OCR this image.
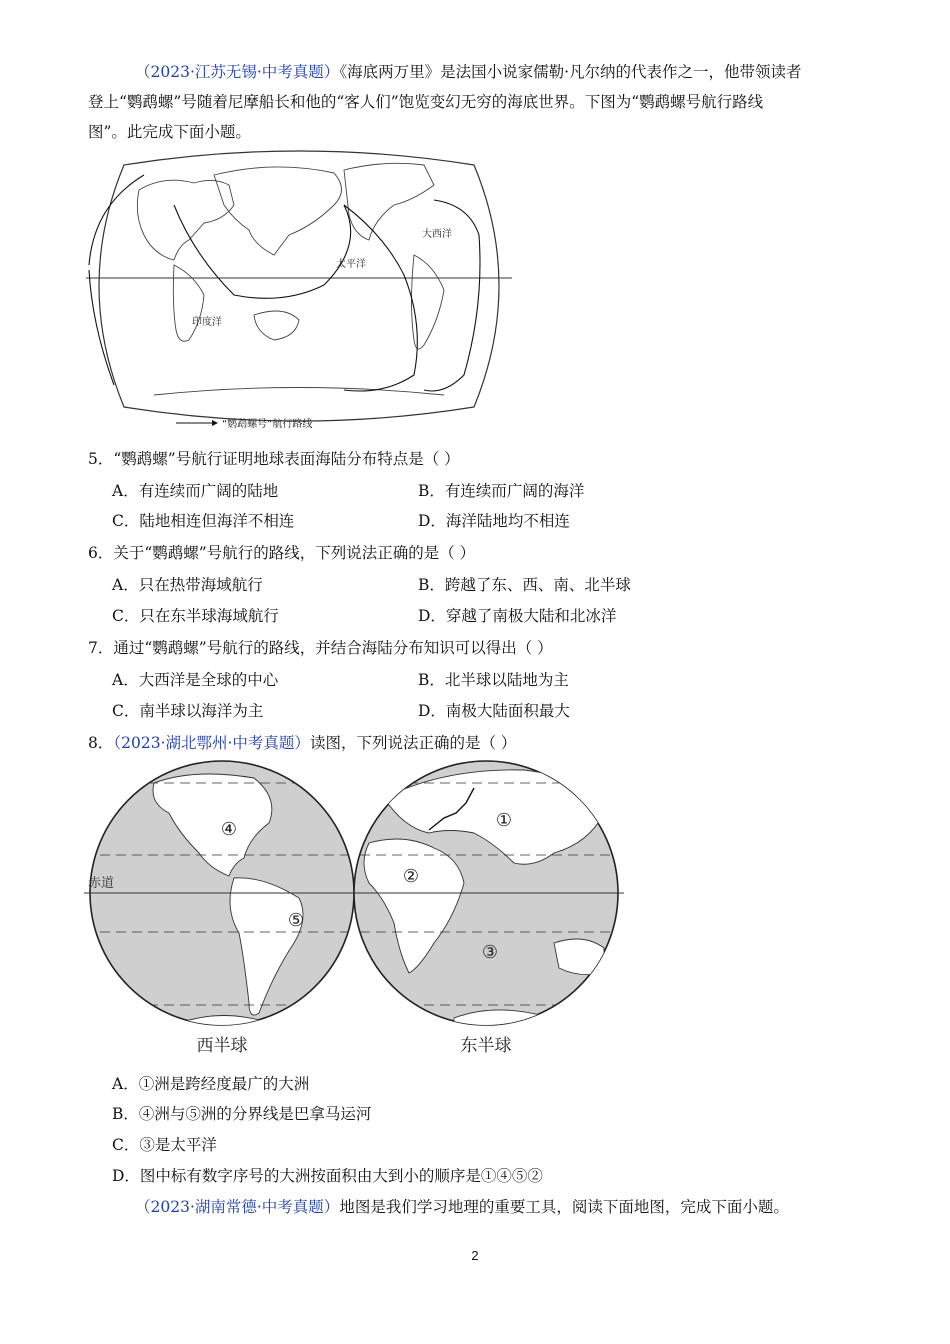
（2023·江苏无锡·中考真题）《海底两万里》是法国小说家儒勒·凡尔纳的代表作之一，他带领读者
登上“鹦鹉螺”号随着尼摩船长和他的“客人们”饱览变幻无穷的海底世界。下图为“鹦鹉螺号航行路线
图”。此完成下面小题。
大西洋
太平洋
印度洋
“鹦鹉螺号”航行路线
5．“鹦鹉螺”号航行证明地球表面海陆分布特点是（ ）
A．有连续而广阔的陆地	B．有连续而广阔的海洋
C．陆地相连但海洋不相连	D．海洋陆地均不相连
6．关于“鹦鹉螺”号航行的路线，下列说法正确的是（ ）
A．只在热带海域航行	B．跨越了东、西、南、北半球
C．只在东半球海域航行	D．穿越了南极大陆和北冰洋
7．通过“鹦鹉螺”号航行的路线，并结合海陆分布知识可以得出（ ）
A．大西洋是全球的中心	B．北半球以陆地为主
C．南半球以海洋为主	D．南极大陆面积最大
8．（2023·湖北鄂州·中考真题）读图，下列说法正确的是（ ）
④
⑤
①
②
③
赤道
西半球	东半球
A．①洲是跨经度最广的大洲
B．④洲与⑤洲的分界线是巴拿马运河
C．③是太平洋
D．图中标有数字序号的大洲按面积由大到小的顺序是①④⑤②
（2023·湖南常德·中考真题）地图是我们学习地理的重要工具，阅读下面地图，完成下面小题。
2
